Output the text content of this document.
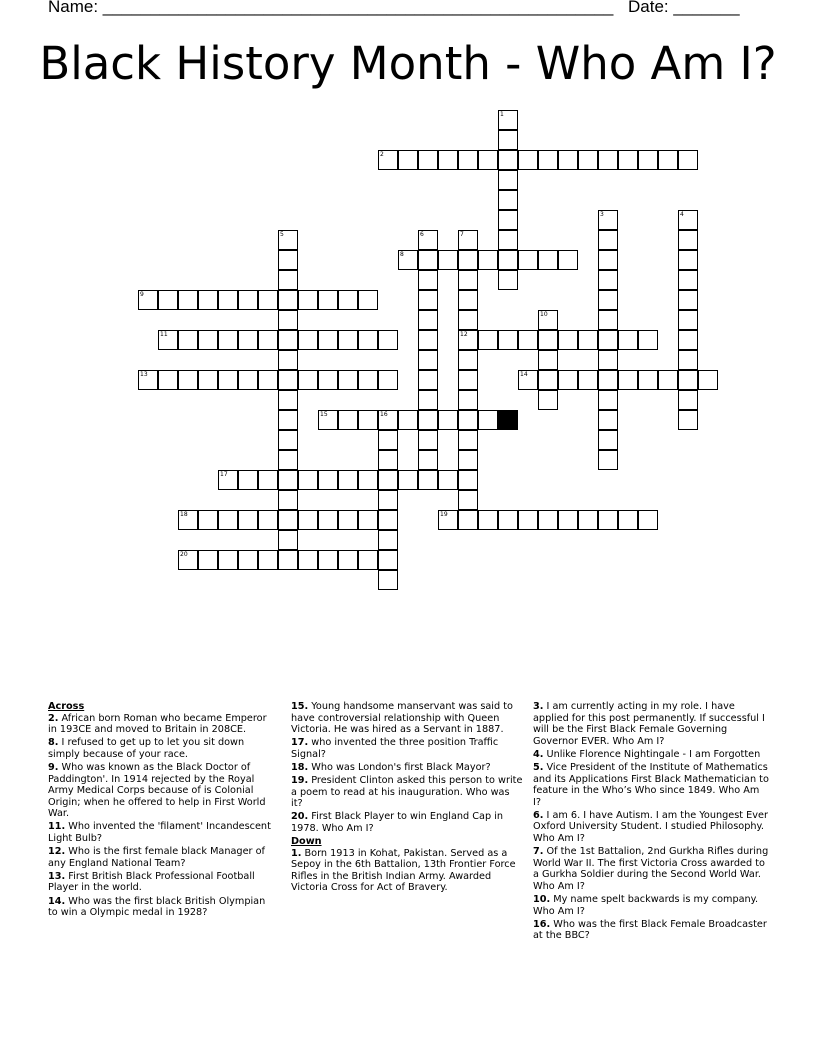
Name: ______________________________________________________ Date: _______
Black History Month - Who Am I?
1
2
3	4
5	6	7
12
8
9
10
11
13	14
15	16
17
18	19
20

Across

2. African born Roman who became Emperor in 193CE and moved to Britain in 208CE.

8. I refused to get up to let you sit down simply because of your race.

9. Who was known as the Black Doctor of Paddington'. In 1914 rejected by the Royal Army Medical Corps because of is Colonial Origin; when he offered to help in First World War.

11. Who invented the 'filament' Incandescent Light Bulb?

12. Who is the first female black Manager of any England National Team?

13. First British Black Professional Football Player in the world.

14. Who was the first black British Olympian to win a Olympic medal in 1928?

15. Young handsome manservant was said to have controversial relationship with Queen Victoria. He was hired as a Servant in 1887.

17. who invented the three position Traffic Signal?

18. Who was London's first Black Mayor?

19. President Clinton asked this person to write a poem to read at his inauguration. Who was it?

20. First Black Player to win England Cap in 1978. Who Am I?

Down

1. Born 1913 in Kohat, Pakistan. Served as a Sepoy in the 6th Battalion, 13th Frontier Force Rifles in the British Indian Army. Awarded Victoria Cross for Act of Bravery.

3. I am currently acting in my role. I have applied for this post permanently. If successful I will be the First Black Female Governing Governor EVER. Who Am I?

4. Unlike Florence Nightingale - I am Forgotten

5. Vice President of the Institute of Mathematics and its Applications First Black Mathematician to feature in the Who’s Who since 1849. Who Am I?

6. I am 6. I have Autism. I am the Youngest Ever Oxford University Student. I studied Philosophy. Who Am I?

7. Of the 1st Battalion, 2nd Gurkha Rifles during World War II. The first Victoria Cross awarded to a Gurkha Soldier during the Second World War. Who Am I?

10. My name spelt backwards is my company. Who Am I?

16. Who was the first Black Female Broadcaster at the BBC?
